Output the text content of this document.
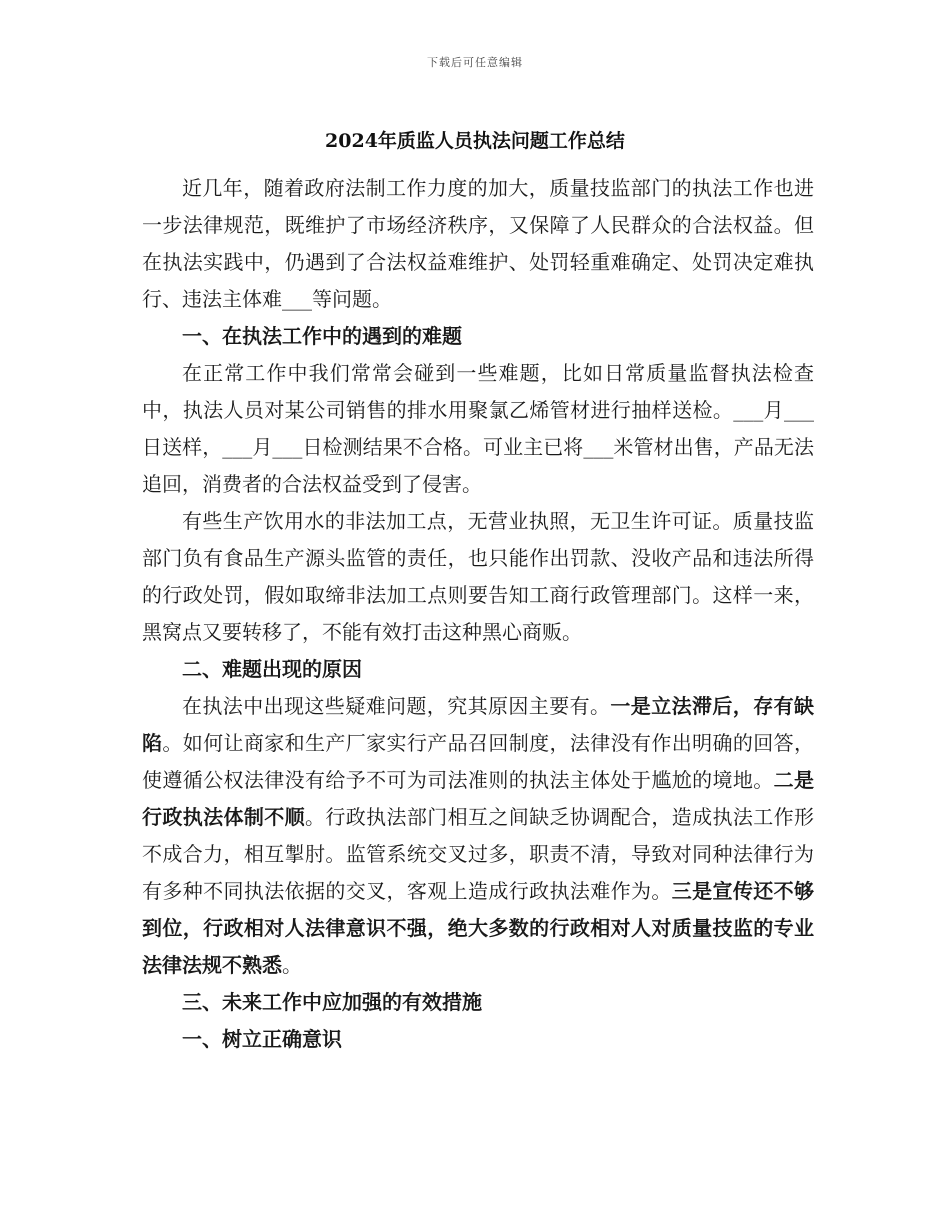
下载后可任意编辑
2024年质监人员执法问题工作总结

近几年，随着政府法制工作力度的加大，质量技监部门的执法工作也进一步法律规范，既维护了市场经济秩序，又保障了人民群众的合法权益。但在执法实践中，仍遇到了合法权益难维护、处罚轻重难确定、处罚决定难执行、违法主体难___等问题。

一、在执法工作中的遇到的难题

在正常工作中我们常常会碰到一些难题，比如日常质量监督执法检查中，执法人员对某公司销售的排水用聚氯乙烯管材进行抽样送检。___月___日送样，___月___日检测结果不合格。可业主已将___米管材出售，产品无法追回，消费者的合法权益受到了侵害。

有些生产饮用水的非法加工点，无营业执照，无卫生许可证。质量技监部门负有食品生产源头监管的责任，也只能作出罚款、没收产品和违法所得的行政处罚，假如取缔非法加工点则要告知工商行政管理部门。这样一来，黑窝点又要转移了，不能有效打击这种黑心商贩。

二、难题出现的原因

在执法中出现这些疑难问题，究其原因主要有。一是立法滞后，存有缺陷。如何让商家和生产厂家实行产品召回制度，法律没有作出明确的回答，使遵循公权法律没有给予不可为司法准则的执法主体处于尴尬的境地。二是行政执法体制不顺。行政执法部门相互之间缺乏协调配合，造成执法工作形不成合力，相互掣肘。监管系统交叉过多，职责不清，导致对同种法律行为有多种不同执法依据的交叉，客观上造成行政执法难作为。三是宣传还不够到位，行政相对人法律意识不强，绝大多数的行政相对人对质量技监的专业法律法规不熟悉。

三、未来工作中应加强的有效措施

一、树立正确意识
